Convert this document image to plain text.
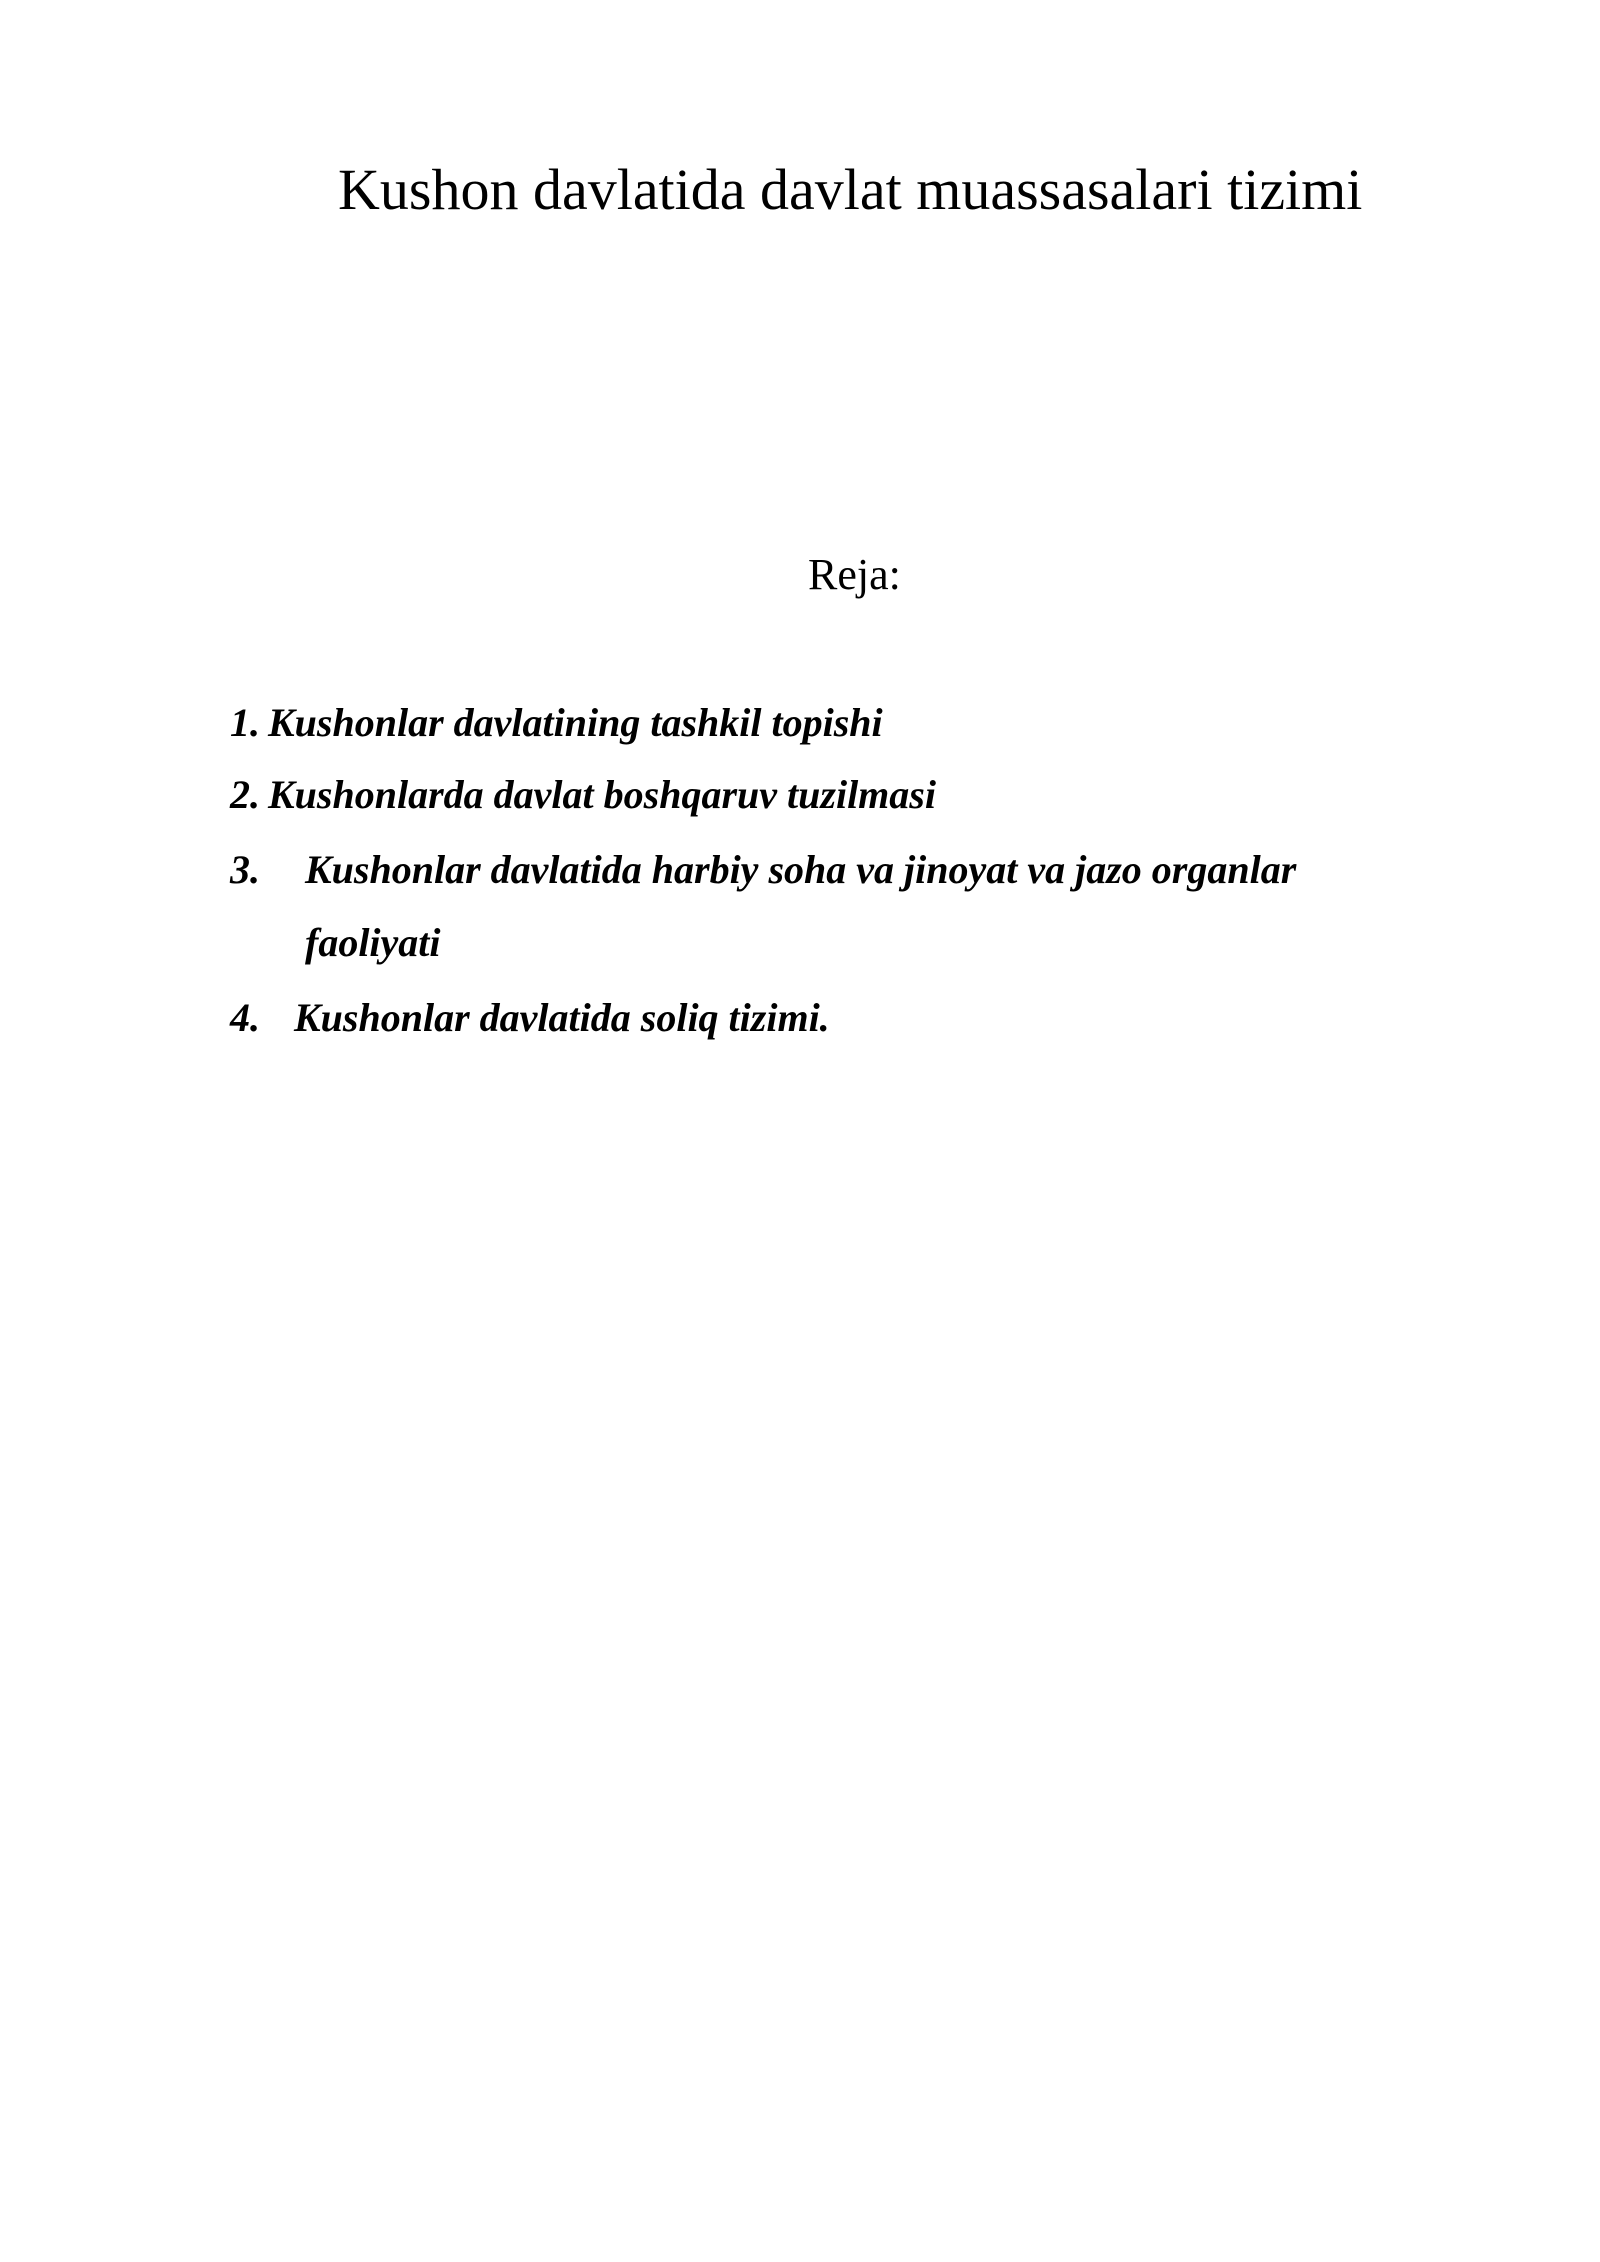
Kushon davlatida davlat muassasalari tizimi
Reja:
1. Kushonlar davlatining tashkil topishi
2. Kushonlarda davlat boshqaruv tuzilmasi
3. Kushonlar davlatida harbiy soha va jinoyat va jazo organlar
faoliyati
4. Kushonlar davlatida soliq tizimi.
